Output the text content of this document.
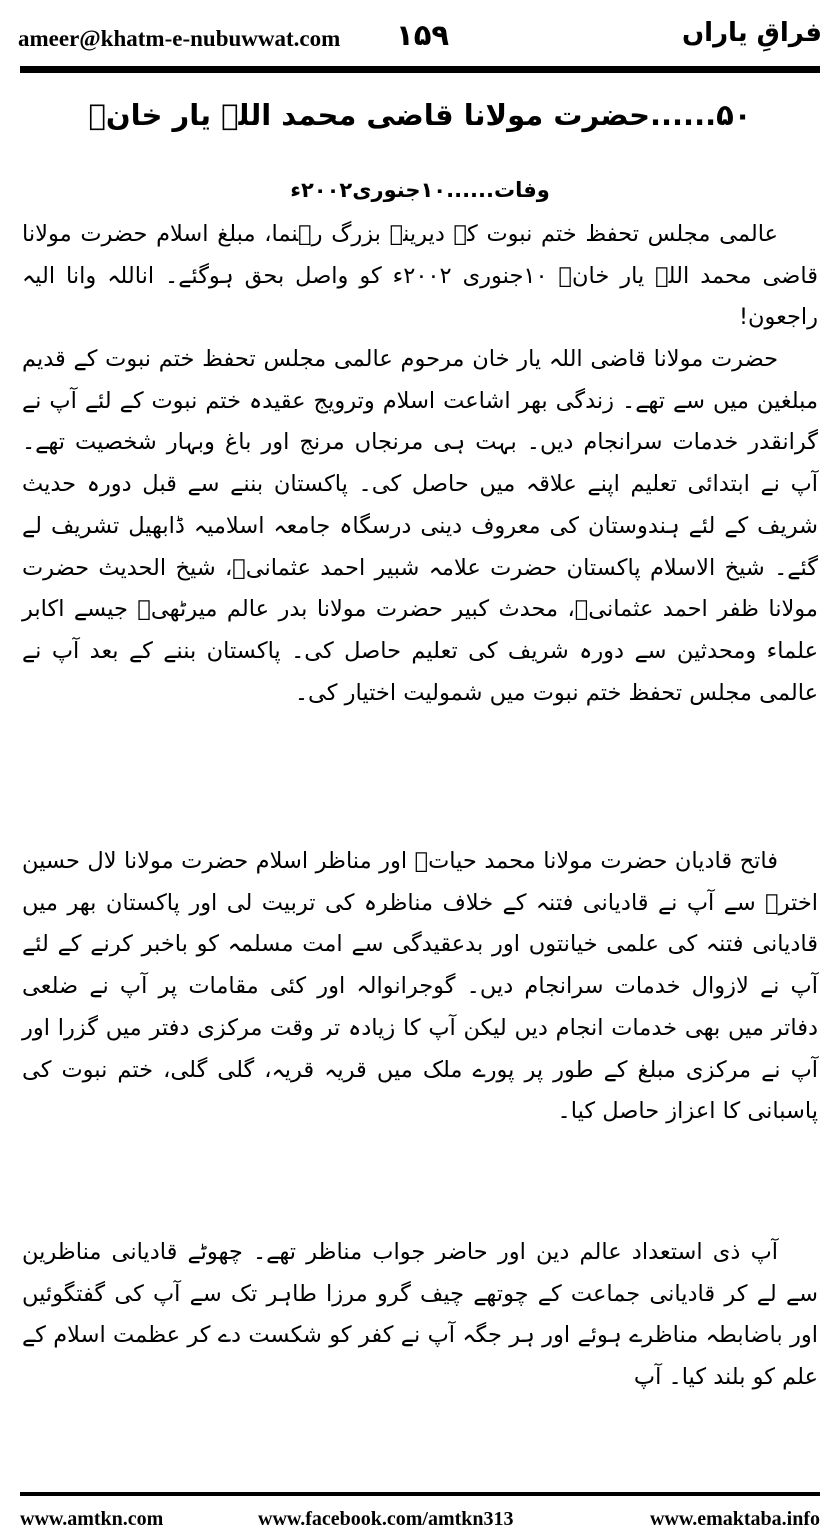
ameer@khatm-e-nubuwwat.com ۱۵۹	فراقِ یاراں
۵۰......حضرت مولانا قاضی محمد اللہ یار خانؒ
وفات......۱۰جنوری۲۰۰۲ء

عالمی مجلس تحفظ ختم نبوت کے دیرینہ بزرگ رہنما، مبلغ اسلام حضرت مولانا قاضی محمد اللہ یار خانؒ ۱۰جنوری ۲۰۰۲ء کو واصل بحق ہوگئے۔ اناللہ وانا الیہ راجعون!

حضرت مولانا قاضی اللہ یار خان مرحوم عالمی مجلس تحفظ ختم نبوت کے قدیم مبلغین میں سے تھے۔ زندگی بھر اشاعت اسلام وترویج عقیدہ ختم نبوت کے لئے آپ نے گرانقدر خدمات سرانجام دیں۔ بہت ہی مرنجاں مرنج اور باغ وبہار شخصیت تھے۔ آپ نے ابتدائی تعلیم اپنے علاقہ میں حاصل کی۔ پاکستان بننے سے قبل دورہ حدیث شریف کے لئے ہندوستان کی معروف دینی درسگاہ جامعہ اسلامیہ ڈابھیل تشریف لے گئے۔ شیخ الاسلام پاکستان حضرت علامہ شبیر احمد عثمانیؒ، شیخ الحدیث حضرت مولانا ظفر احمد عثمانیؒ، محدث کبیر حضرت مولانا بدر عالم میرٹھیؒ جیسے اکابر علماء ومحدثین سے دورہ شریف کی تعلیم حاصل کی۔ پاکستان بننے کے بعد آپ نے عالمی مجلس تحفظ ختم نبوت میں شمولیت اختیار کی۔

فاتح قادیان حضرت مولانا محمد حیاتؒ اور مناظر اسلام حضرت مولانا لال حسین اخترؒ سے آپ نے قادیانی فتنہ کے خلاف مناظرہ کی تربیت لی اور پاکستان بھر میں قادیانی فتنہ کی علمی خیانتوں اور بدعقیدگی سے امت مسلمہ کو باخبر کرنے کے لئے آپ نے لازوال خدمات سرانجام دیں۔ گوجرانوالہ اور کئی مقامات پر آپ نے ضلعی دفاتر میں بھی خدمات انجام دیں لیکن آپ کا زیادہ تر وقت مرکزی دفتر میں گزرا اور آپ نے مرکزی مبلغ کے طور پر پورے ملک میں قریہ قریہ، گلی گلی، ختم نبوت کی پاسبانی کا اعزاز حاصل کیا۔

آپ ذی استعداد عالم دین اور حاضر جواب مناظر تھے۔ چھوٹے قادیانی مناظرین سے لے کر قادیانی جماعت کے چوتھے چیف گرو مرزا طاہر تک سے آپ کی گفتگوئیں اور باضابطہ مناظرے ہوئے اور ہر جگہ آپ نے کفر کو شکست دے کر عظمت اسلام کے علم کو بلند کیا۔ آپ

www.amtkn.com	www.facebook.com/amtkn313	www.emaktaba.info
